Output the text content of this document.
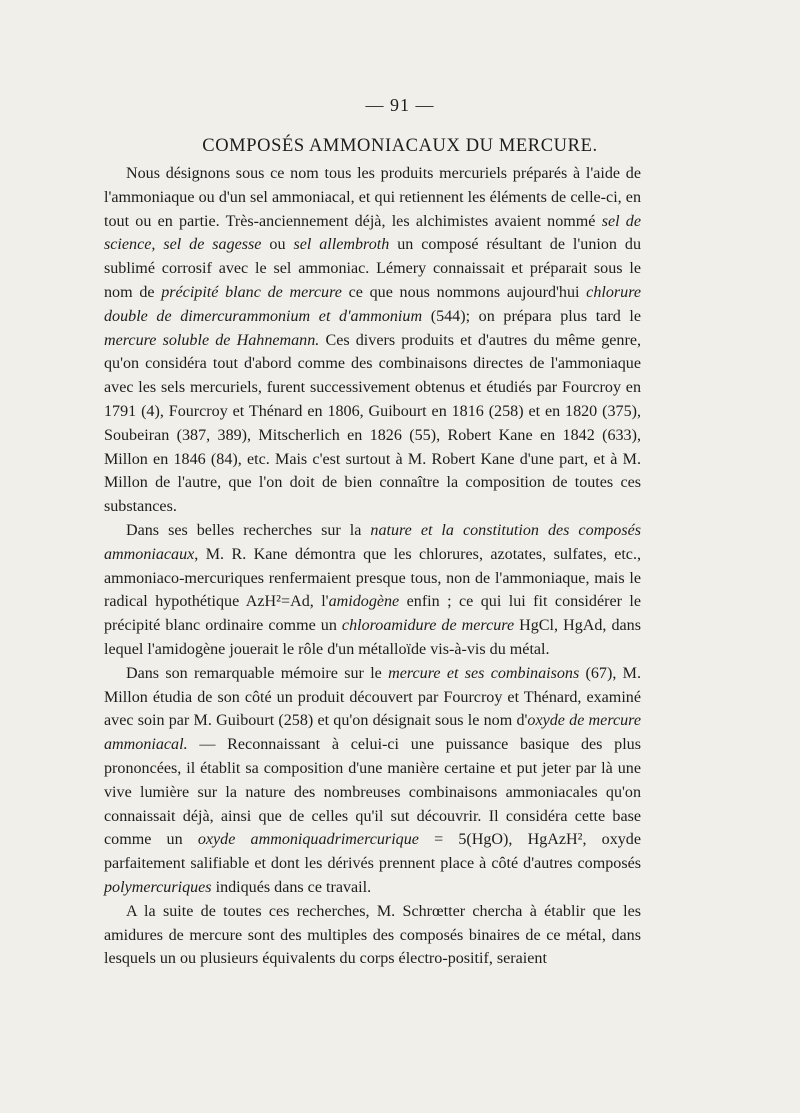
— 91 —
COMPOSÉS AMMONIACAUX DU MERCURE.

Nous désignons sous ce nom tous les produits mercuriels préparés à l'aide de l'ammoniaque ou d'un sel ammoniacal, et qui retiennent les éléments de celle-ci, en tout ou en partie. Très-anciennement déjà, les alchimistes avaient nommé sel de science, sel de sagesse ou sel allembroth un composé résultant de l'union du sublimé corrosif avec le sel ammoniac. Lémery connaissait et préparait sous le nom de précipité blanc de mercure ce que nous nommons aujourd'hui chlorure double de dimercurammonium et d'ammonium (544); on prépara plus tard le mercure soluble de Hahnemann. Ces divers produits et d'autres du même genre, qu'on considéra tout d'abord comme des combinaisons directes de l'ammoniaque avec les sels mercuriels, furent successivement obtenus et étudiés par Fourcroy en 1791 (4), Fourcroy et Thénard en 1806, Guibourt en 1816 (258) et en 1820 (375), Soubeiran (387, 389), Mitscherlich en 1826 (55), Robert Kane en 1842 (633), Millon en 1846 (84), etc. Mais c'est surtout à M. Robert Kane d'une part, et à M. Millon de l'autre, que l'on doit de bien connaître la composition de toutes ces substances.

Dans ses belles recherches sur la nature et la constitution des composés ammoniacaux, M. R. Kane démontra que les chlorures, azotates, sulfates, etc., ammoniaco-mercuriques renfermaient presque tous, non de l'ammoniaque, mais le radical hypothétique AzH²=Ad, l'amidogène enfin ; ce qui lui fit considérer le précipité blanc ordinaire comme un chloroamidure de mercure HgCl, HgAd, dans lequel l'amidogène jouerait le rôle d'un métalloïde vis-à-vis du métal.

Dans son remarquable mémoire sur le mercure et ses combinaisons (67), M. Millon étudia de son côté un produit découvert par Fourcroy et Thénard, examiné avec soin par M. Guibourt (258) et qu'on désignait sous le nom d'oxyde de mercure ammoniacal. — Reconnaissant à celui-ci une puissance basique des plus prononcées, il établit sa composition d'une manière certaine et put jeter par là une vive lumière sur la nature des nombreuses combinaisons ammoniacales qu'on connaissait déjà, ainsi que de celles qu'il sut découvrir. Il considéra cette base comme un oxyde ammoniquadrimercurique = 5(HgO), HgAzH², oxyde parfaitement salifiable et dont les dérivés prennent place à côté d'autres composés polymercuriques indiqués dans ce travail.

A la suite de toutes ces recherches, M. Schrœtter chercha à établir que les amidures de mercure sont des multiples des composés binaires de ce métal, dans lesquels un ou plusieurs équivalents du corps électro-positif, seraient
